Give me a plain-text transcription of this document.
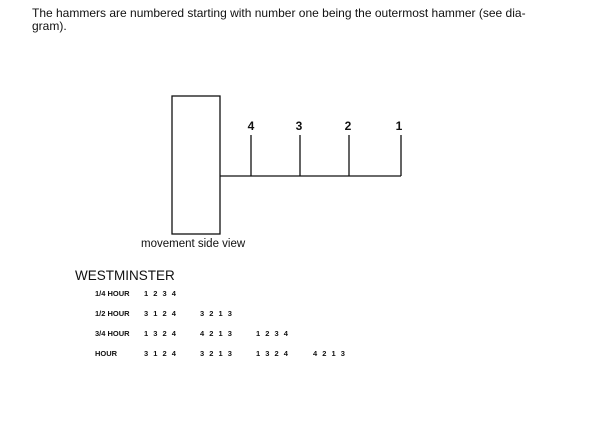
The hammers are numbered starting with number one being the outermost hammer (see dia-
gram).

4	3	2	1
movement side view
WESTMINSTER
1/4 HOUR 1 2 3 4
1/2 HOUR 3 1 2 4	3 2 1 3
3/4 HOUR 1 3 2 4	4 2 1 3	1 2 3 4
HOUR	3 1 2 4	3 2 1 3	1 3 2 4	4 2 1 3
